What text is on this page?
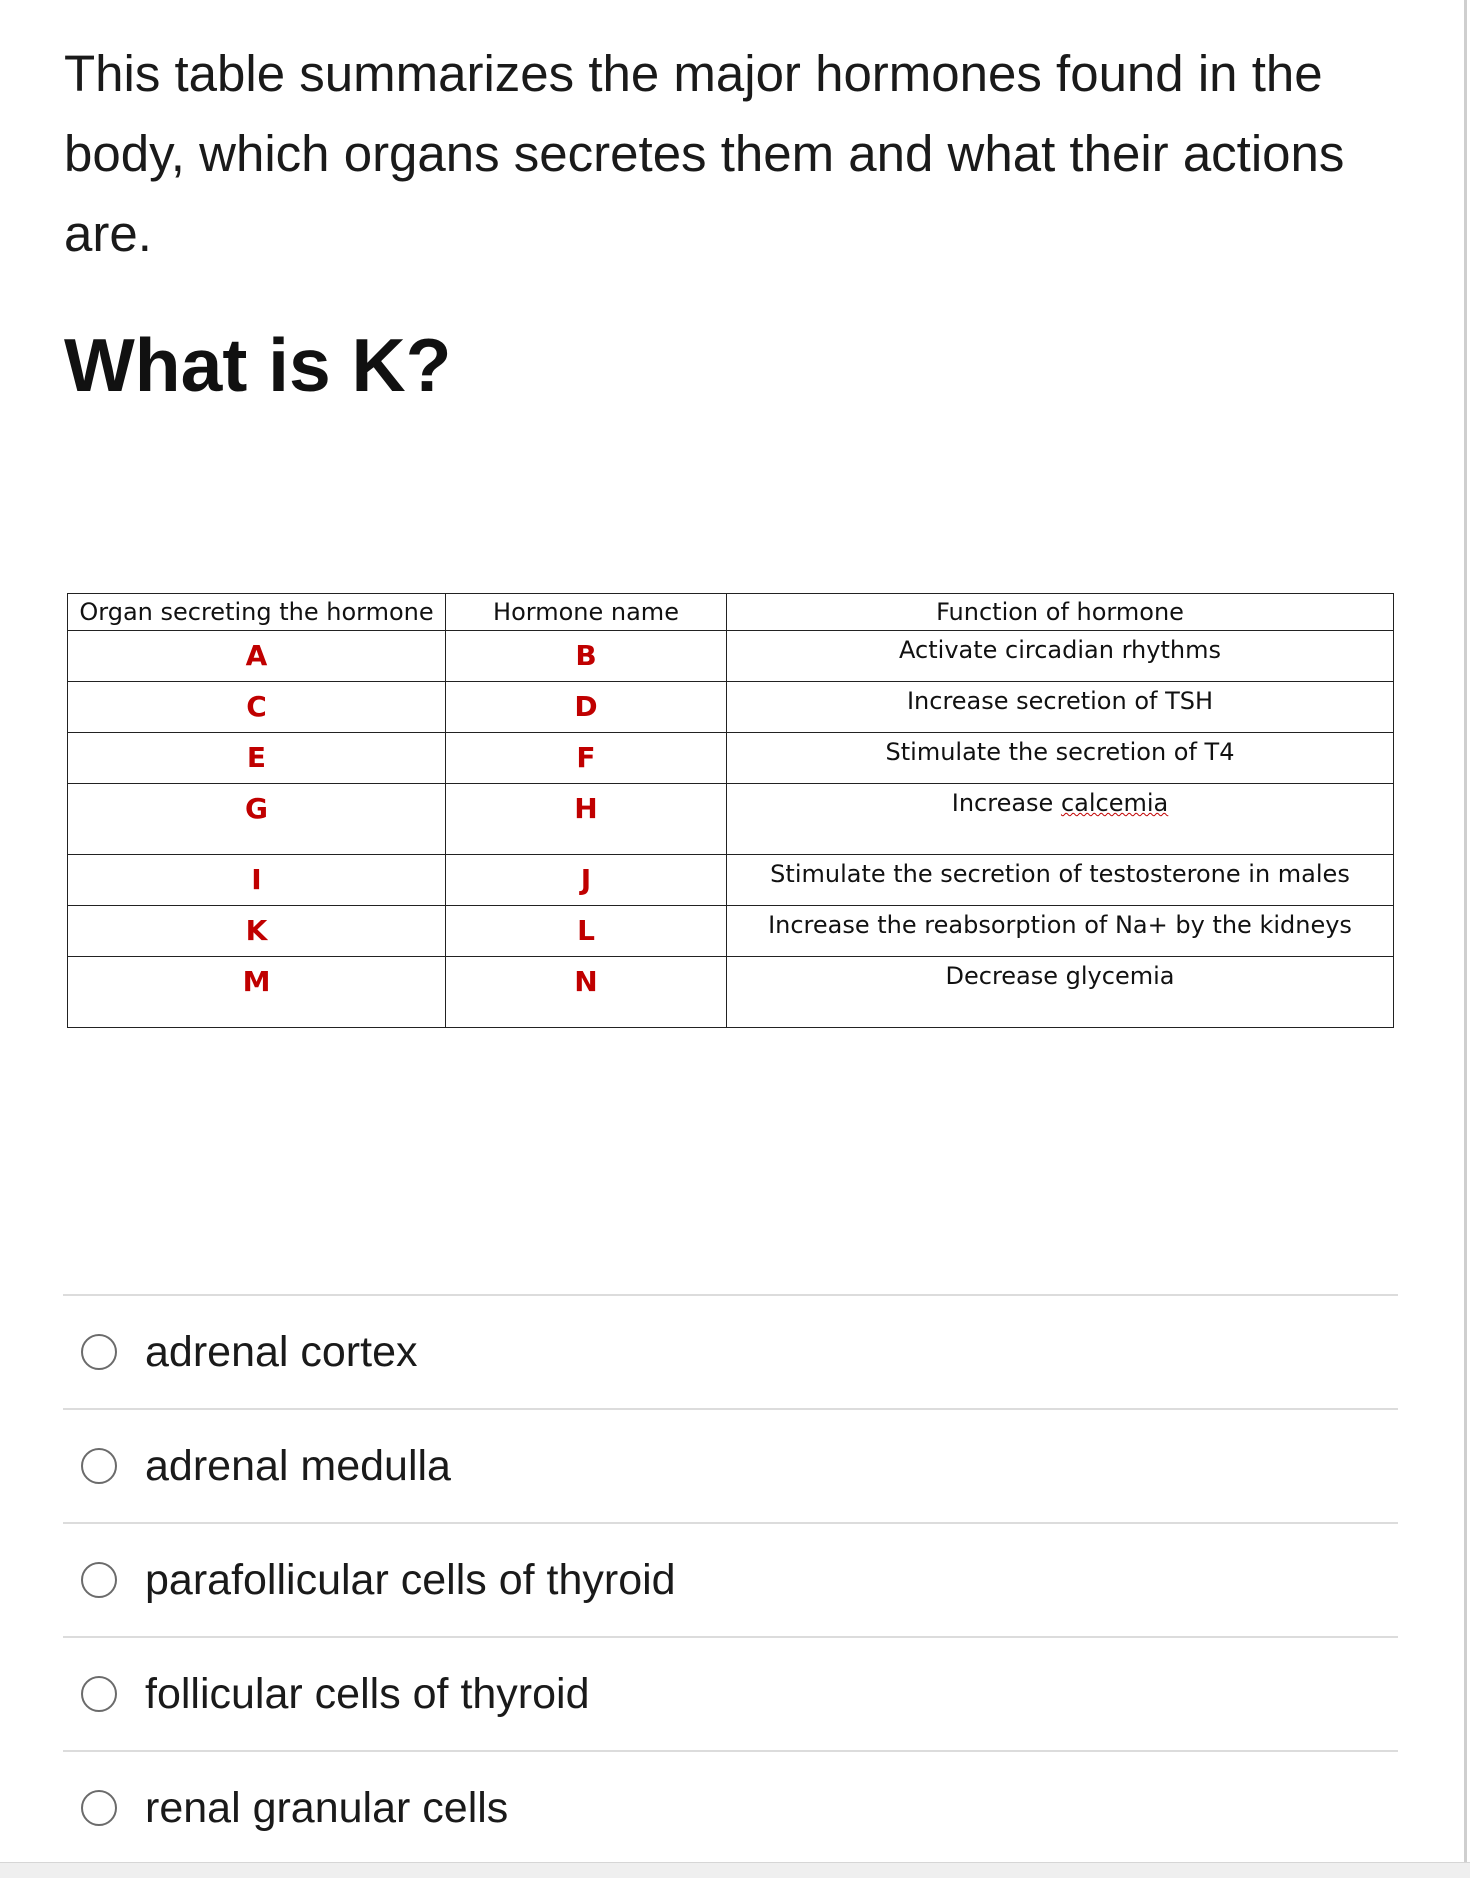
This table summarizes the major hormones found in the body, which organs secretes them and what their actions are.
What is K?
Organ secreting the hormone	Hormone name	Function of hormone
A	B	Activate circadian rhythms
C	D	Increase secretion of TSH
E	F	Stimulate the secretion of T4
G	H	Increase calcemia
I	J	Stimulate the secretion of testosterone in males
K	L	Increase the reabsorption of Na+ by the kidneys
M	N	Decrease glycemia
adrenal cortex
adrenal medulla
parafollicular cells of thyroid
follicular cells of thyroid
renal granular cells
